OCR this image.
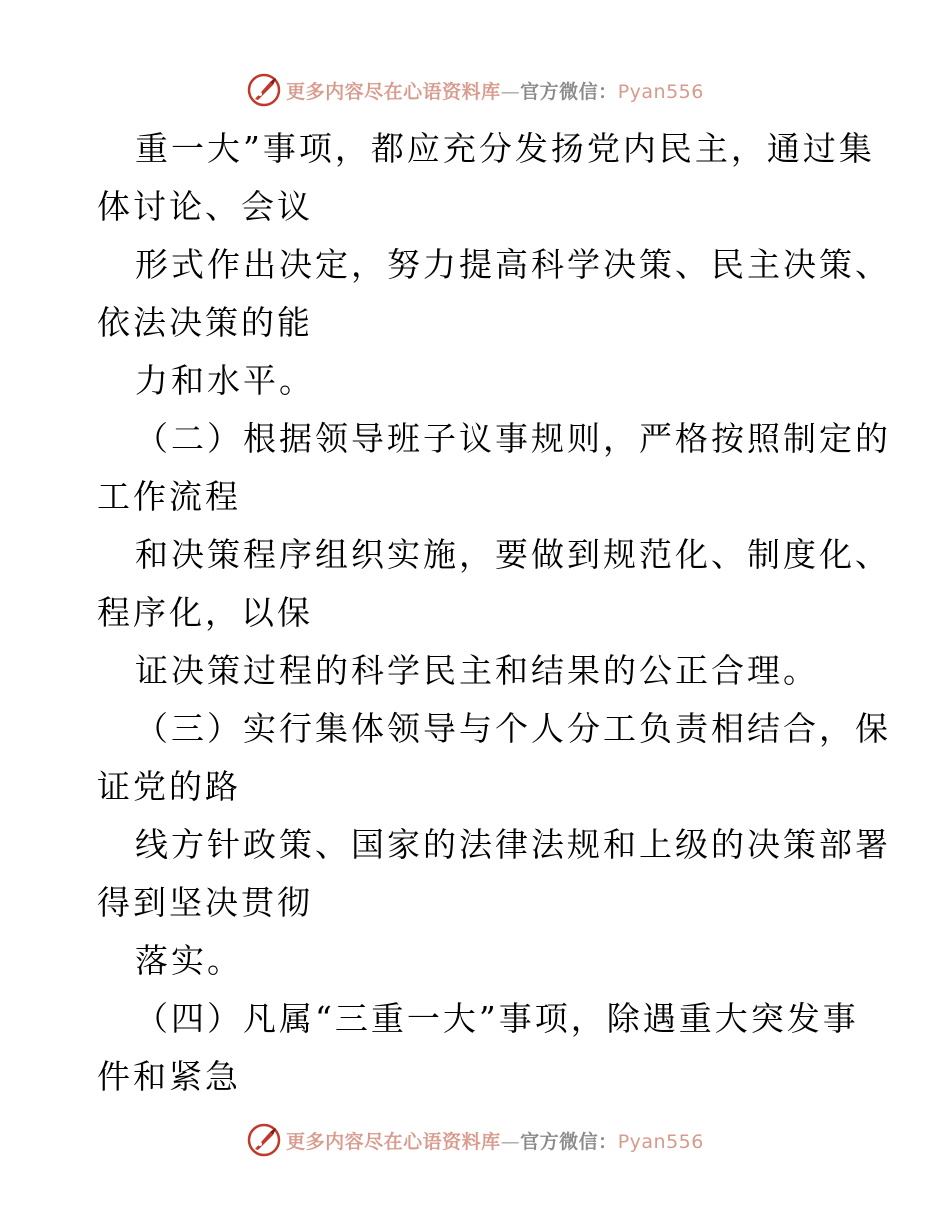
更多内容尽在心语资料库—官方微信：Pyan556
重一大”事项，都应充分发扬党内民主，通过集
体讨论、会议
形式作出决定，努力提高科学决策、民主决策、
依法决策的能
力和水平。
（二）根据领导班子议事规则，严格按照制定的
工作流程
和决策程序组织实施，要做到规范化、制度化、
程序化，以保
证决策过程的科学民主和结果的公正合理。
（三）实行集体领导与个人分工负责相结合，保
证党的路
线方针政策、国家的法律法规和上级的决策部署
得到坚决贯彻
落实。
（四）凡属“三重一大”事项，除遇重大突发事
件和紧急
更多内容尽在心语资料库—官方微信：Pyan556
